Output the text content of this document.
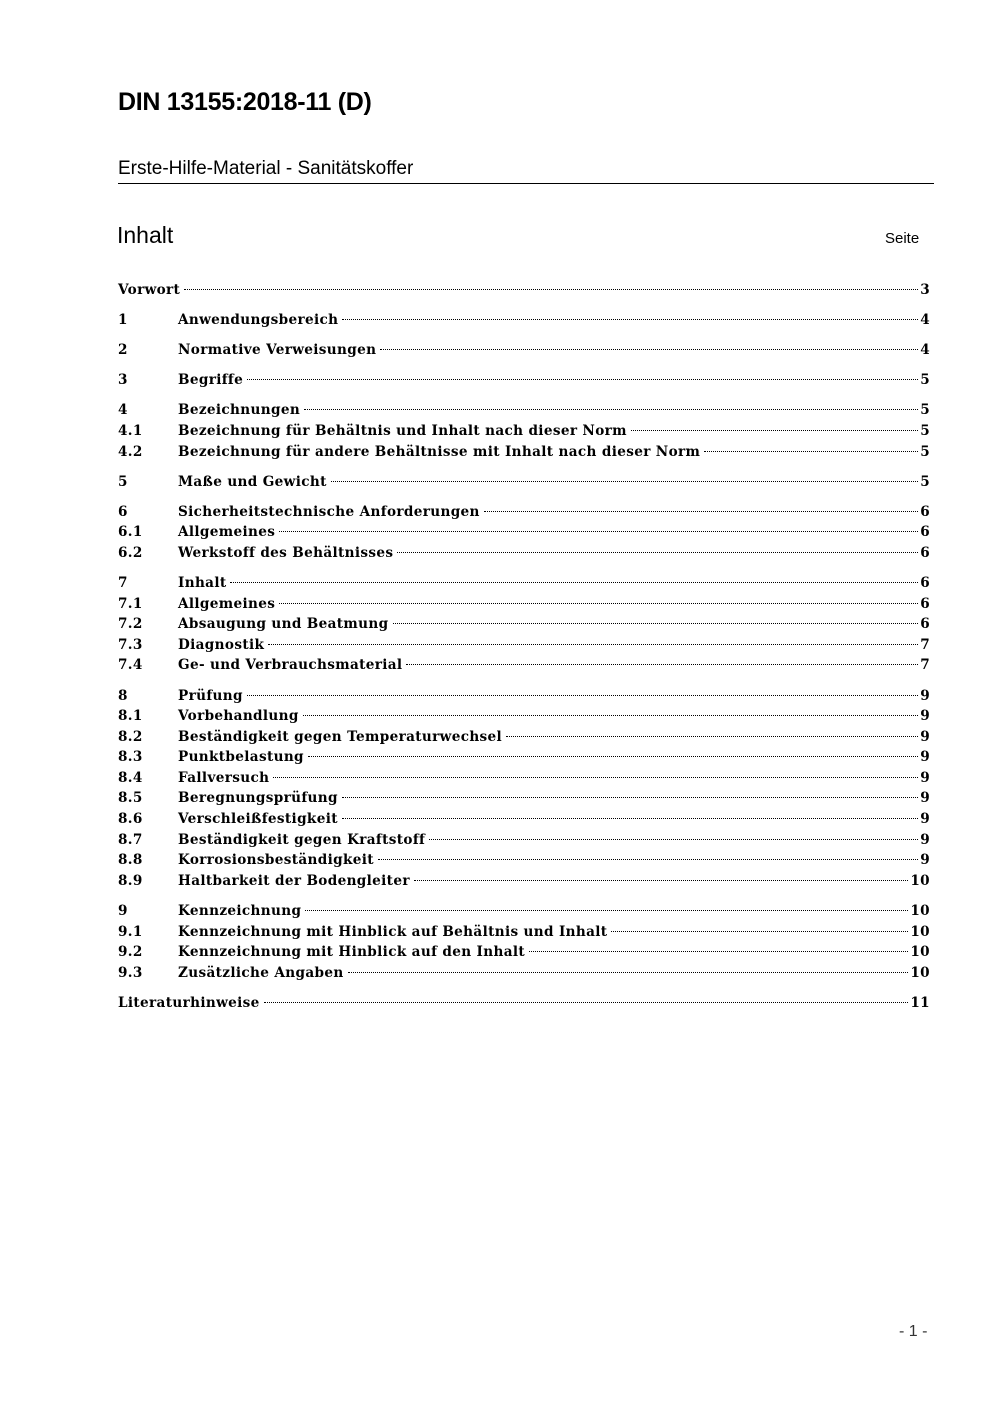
DIN 13155:2018-11 (D)
Erste-Hilfe-Material - Sanitätskoffer
Inhalt	Seite
Vorwort	3
1	Anwendungsbereich	4
2	Normative Verweisungen	4
3	Begriffe	5
4	Bezeichnungen	5
4.1	Bezeichnung für Behältnis und Inhalt nach dieser Norm	5
4.2	Bezeichnung für andere Behältnisse mit Inhalt nach dieser Norm	5
5	Maße und Gewicht	5
6	Sicherheitstechnische Anforderungen	6
6.1	Allgemeines	6
6.2	Werkstoff des Behältnisses	6
7	Inhalt	6
7.1	Allgemeines	6
7.2	Absaugung und Beatmung	6
7.3	Diagnostik	7
7.4	Ge- und Verbrauchsmaterial	7
8	Prüfung	9
8.1	Vorbehandlung	9
8.2	Beständigkeit gegen Temperaturwechsel	9
8.3	Punktbelastung	9
8.4	Fallversuch	9
8.5	Beregnungsprüfung	9
8.6	Verschleißfestigkeit	9
8.7	Beständigkeit gegen Kraftstoff	9
8.8	Korrosionsbeständigkeit	9
8.9	Haltbarkeit der Bodengleiter	10
9	Kennzeichnung	10
9.1	Kennzeichnung mit Hinblick auf Behältnis und Inhalt	10
9.2	Kennzeichnung mit Hinblick auf den Inhalt	10
9.3	Zusätzliche Angaben	10
Literaturhinweise	11
- 1 -
